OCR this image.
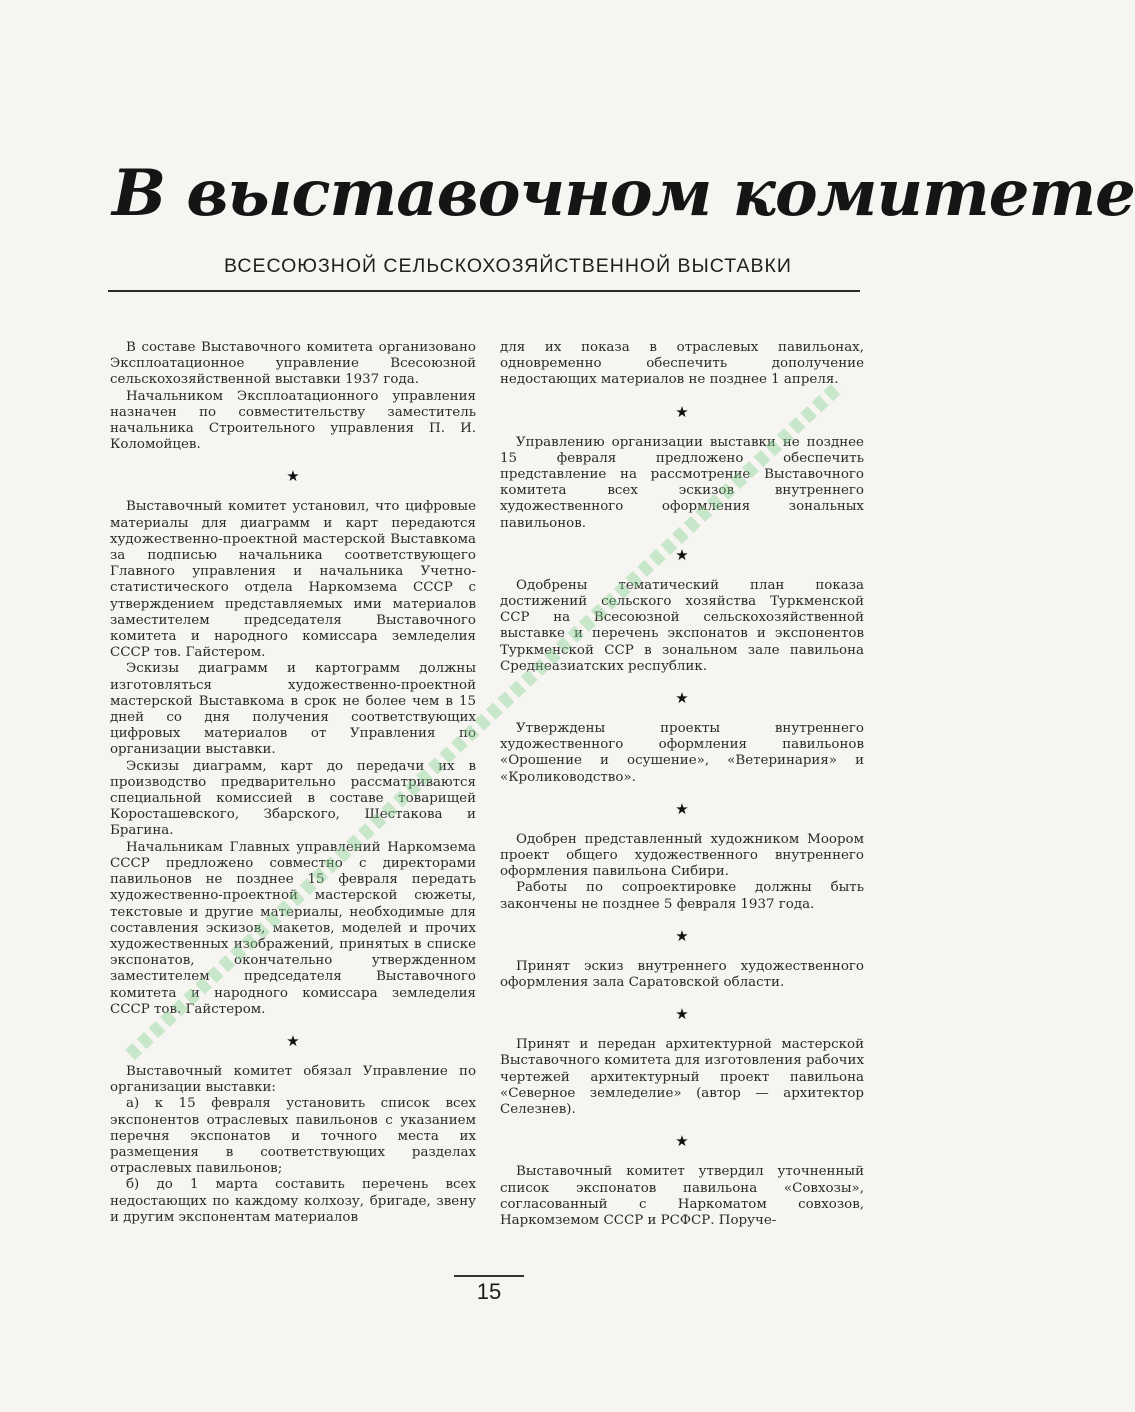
В выставочном комитете
ВСЕСОЮЗНОЙ СЕЛЬСКОХОЗЯЙСТВЕННОЙ ВЫСТАВКИ

В составе Выставочного комитета организовано Эксплоатационное управление Всесоюзной сельскохозяйственной выставки 1937 года.

Начальником Эксплоатационного управления назначен по совместительству заместитель начальника Строительного управления П. И. Коломойцев.

★

Выставочный комитет установил, что цифровые материалы для диаграмм и карт передаются художественно-проектной мастерской Выставкома за подписью начальника соответствующего Главного управления и начальника Учетно-статистического отдела Наркомзема СССР с утверждением представляемых ими материалов заместителем председателя Выставочного комитета и народного комиссара земледелия СССР тов. Гайстером.

Эскизы диаграмм и картограмм должны изготовляться художественно-проектной мастерской Выставкома в срок не более чем в 15 дней со дня получения соответствующих цифровых материалов от Управления по организации выставки.

Эскизы диаграмм, карт до передачи их в производство предварительно рассматриваются специальной комиссией в составе товарищей Коросташевского, Збарского, Шестакова и Брагина.

Начальникам Главных управлений Наркомзема СССР предложено совместно с директорами павильонов не позднее 15 февраля передать художественно-проектной мастерской сюжеты, текстовые и другие материалы, необходимые для составления эскизов, макетов, моделей и прочих художественных изображений, принятых в списке экспонатов, окончательно утвержденном заместителем председателя Выставочного комитета и народного комиссара земледелия СССР тов. Гайстером.

★

Выставочный комитет обязал Управление по организации выставки:

а) к 15 февраля установить список всех экспонентов отраслевых павильонов с указанием перечня экспонатов и точного места их размещения в соответствующих разделах отраслевых павильонов;

б) до 1 марта составить перечень всех недостающих по каждому колхозу, бригаде, звену и другим экспонентам материалов

для их показа в отраслевых павильонах, одновременно обеспечить дополучение недостающих материалов не позднее 1 апреля.

★

Управлению организации выставки не позднее 15 февраля предложено обеспечить представление на рассмотрение Выставочного комитета всех эскизов внутреннего художественного оформления зональных павильонов.

★

Одобрены тематический план показа достижений сельского хозяйства Туркменской ССР на Всесоюзной сельскохозяйственной выставке и перечень экспонатов и экспонентов Туркменской ССР в зональном зале павильона Среднеазиатских республик.

★

Утверждены проекты внутреннего художественного оформления павильонов «Орошение и осушение», «Ветеринария» и «Кролиководство».

★

Одобрен представленный художником Моором проект общего художественного внутреннего оформления павильона Сибири.

Работы по сопроектировке должны быть закончены не позднее 5 февраля 1937 года.

★

Принят эскиз внутреннего художественного оформления зала Саратовской области.

★

Принят и передан архитектурной мастерской Выставочного комитета для изготовления рабочих чертежей архитектурный проект павильона «Северное земледелие» (автор — архитектор Селезнев).

★

Выставочный комитет утвердил уточненный список экспонатов павильона «Совхозы», согласованный с Наркоматом совхозов, Наркомземом СССР и РСФСР. Поруче-

15
